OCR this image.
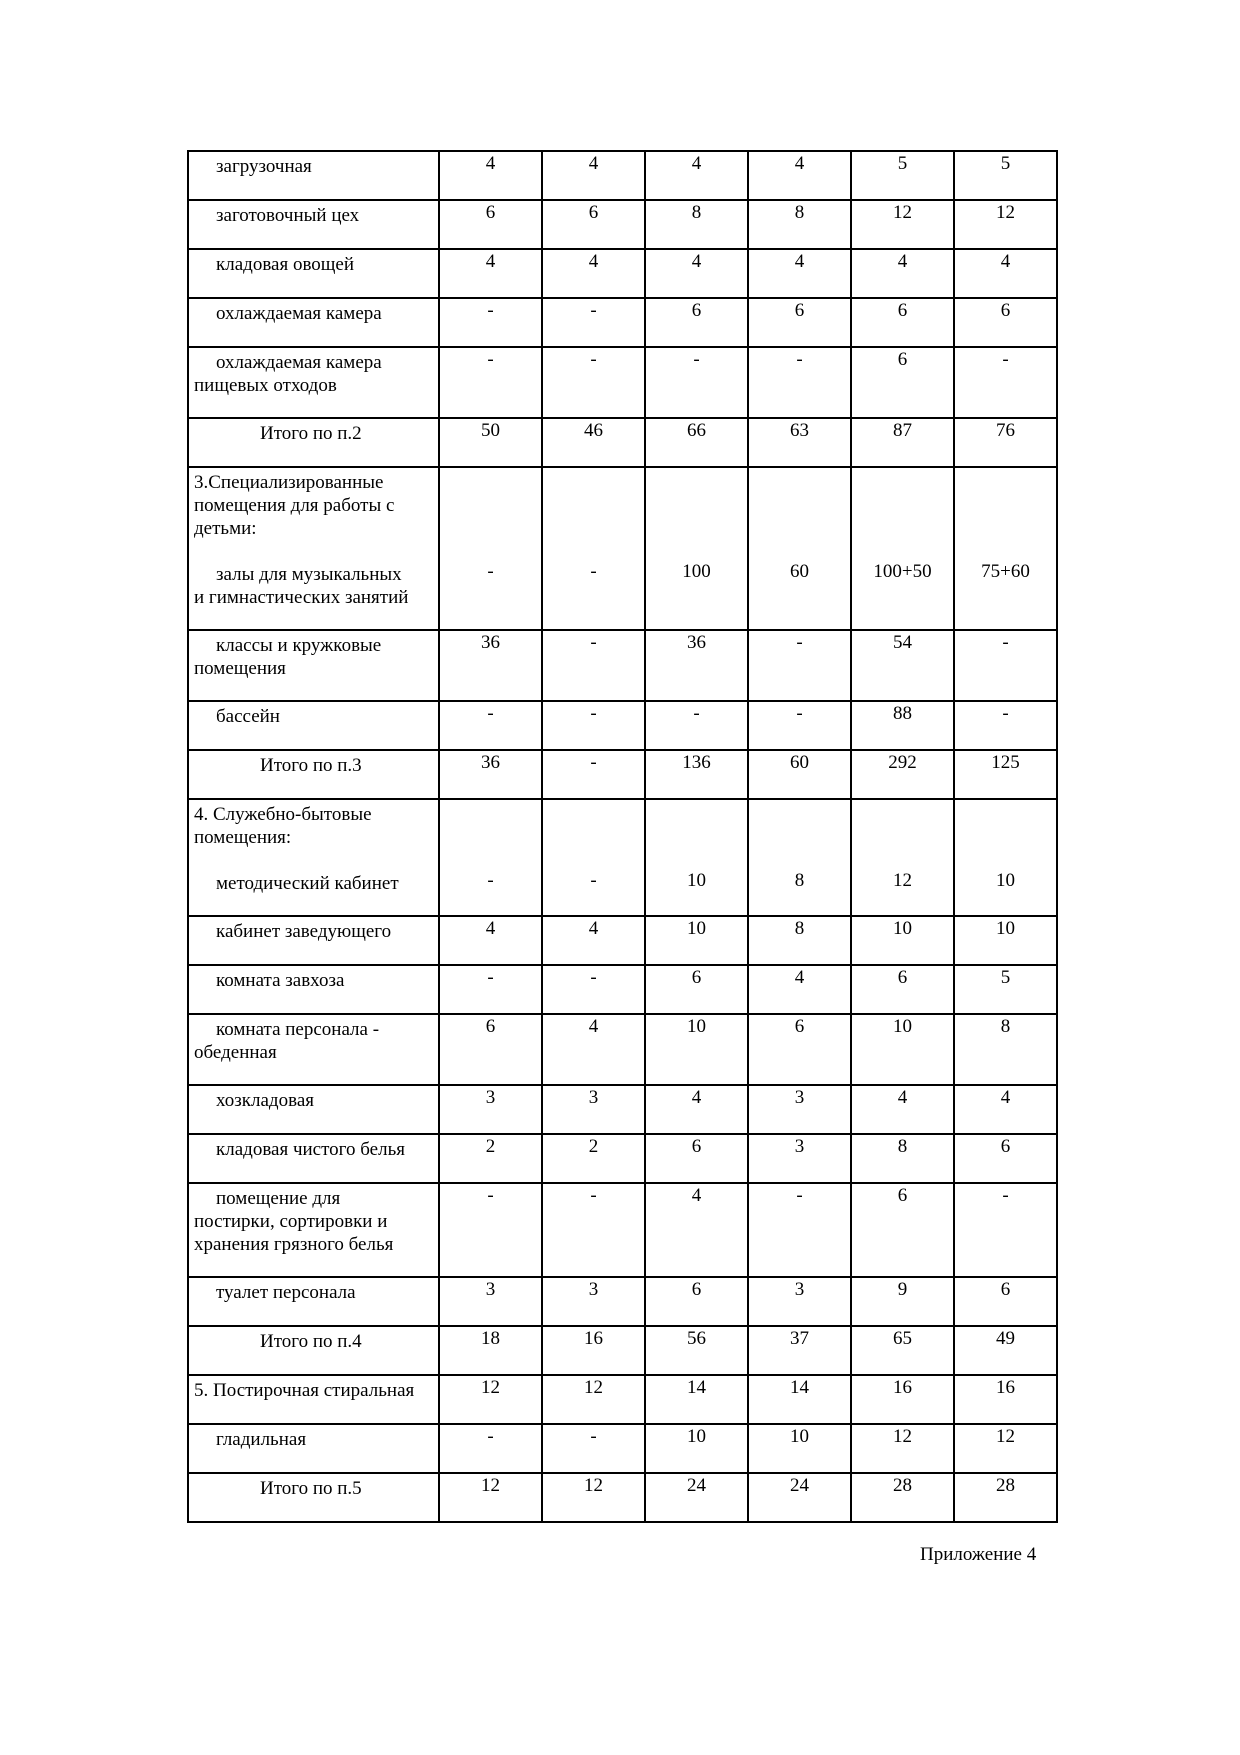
загрузочная	4	4	4	4	5	5

заготовочный цех	6	6	8	8	12	12

кладовая овощей	4	4	4	4	4	4

охлаждаемая камера	-	-	6	6	6	6

охлаждаемая камера
пищевых отходов	-	-	-	-	6	-

Итого по п.2	50	46	66	63	87	76

3.Специализированные
помещения для работы с
детьми:
залы для музыкальных
и гимнастических занятий	-	-	100	60	100+50	75+60

классы и кружковые
помещения	36	-	36	-	54	-

бассейн	-	-	-	-	88	-

Итого по п.3	36	-	136	60	292	125

4. Служебно-бытовые
помещения:
методический кабинет	-	-	10	8	12	10

кабинет заведующего	4	4	10	8	10	10

комната завхоза	-	-	6	4	6	5

комната персонала -
обеденная	6	4	10	6	10	8

хозкладовая	3	3	4	3	4	4

кладовая чистого белья	2	2	6	3	8	6

помещение для
постирки, сортировки и
хранения грязного белья	-	-	4	-	6	-

туалет персонала	3	3	6	3	9	6

Итого по п.4	18	16	56	37	65	49

5. Постирочная стиральная	12	12	14	14	16	16

гладильная	-	-	10	10	12	12

Итого по п.5	12	12	24	24	28	28
Приложение 4
